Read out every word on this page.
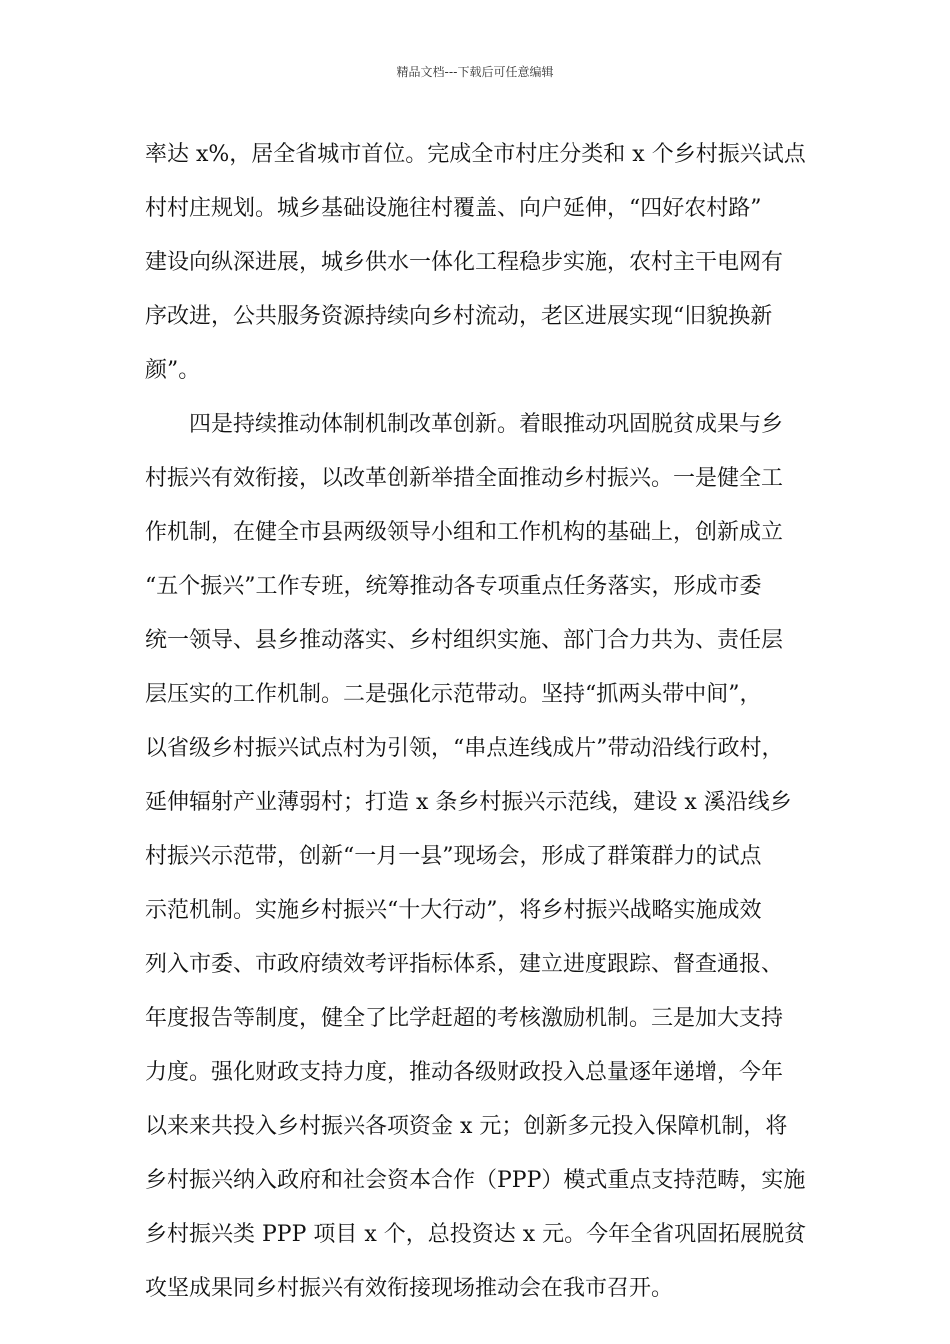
精品文档---下载后可任意编辑
率达 x%，居全省城市首位。完成全市村庄分类和 x 个乡村振兴试点
村村庄规划。城乡基础设施往村覆盖、向户延伸，“四好农村路”
建设向纵深进展，城乡供水一体化工程稳步实施，农村主干电网有
序改进，公共服务资源持续向乡村流动，老区进展实现“旧貌换新
颜”。
四是持续推动体制机制改革创新。着眼推动巩固脱贫成果与乡
村振兴有效衔接，以改革创新举措全面推动乡村振兴。一是健全工
作机制，在健全市县两级领导小组和工作机构的基础上，创新成立
“五个振兴”工作专班，统筹推动各专项重点任务落实，形成市委
统一领导、县乡推动落实、乡村组织实施、部门合力共为、责任层
层压实的工作机制。二是强化示范带动。坚持“抓两头带中间”，
以省级乡村振兴试点村为引领，“串点连线成片”带动沿线行政村，
延伸辐射产业薄弱村；打造 x 条乡村振兴示范线，建设 x 溪沿线乡
村振兴示范带，创新“一月一县”现场会，形成了群策群力的试点
示范机制。实施乡村振兴“十大行动”，将乡村振兴战略实施成效
列入市委、市政府绩效考评指标体系，建立进度跟踪、督查通报、
年度报告等制度，健全了比学赶超的考核激励机制。三是加大支持
力度。强化财政支持力度，推动各级财政投入总量逐年递增，今年
以来来共投入乡村振兴各项资金 x 元；创新多元投入保障机制，将
乡村振兴纳入政府和社会资本合作（PPP）模式重点支持范畴，实施
乡村振兴类 PPP 项目 x 个，总投资达 x 元。今年全省巩固拓展脱贫
攻坚成果同乡村振兴有效衔接现场推动会在我市召开。
